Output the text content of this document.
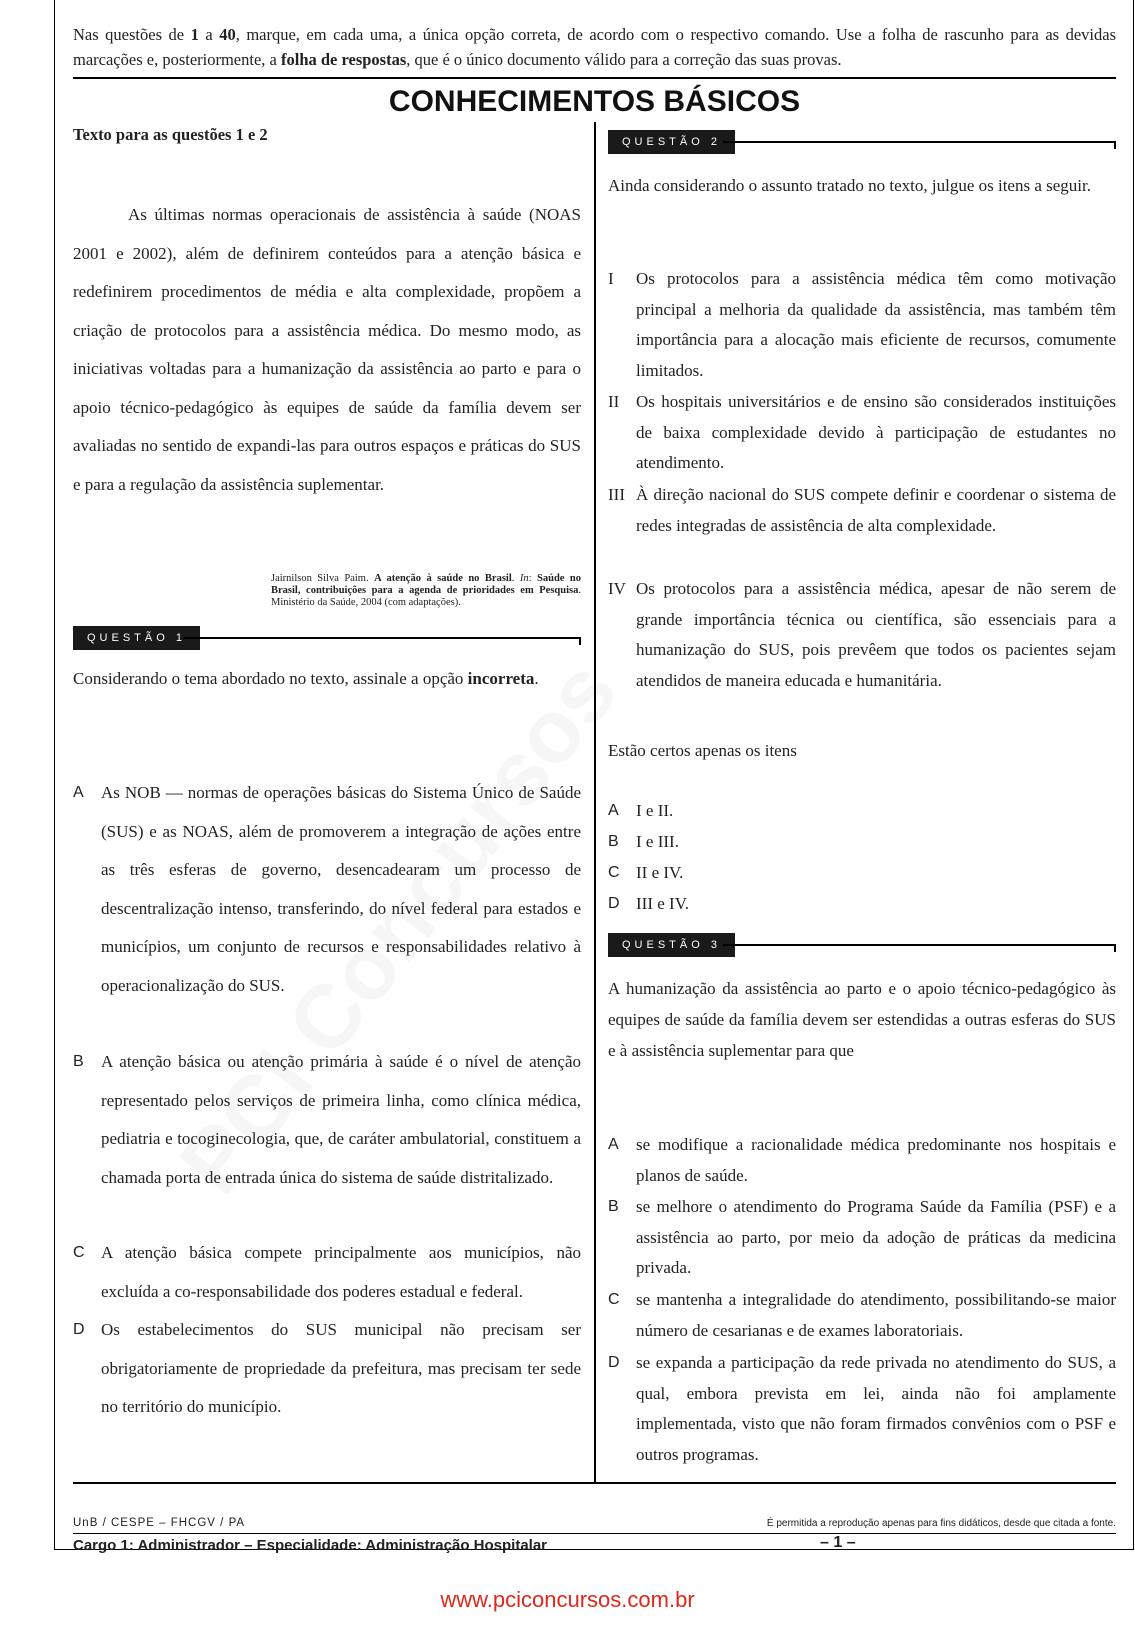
Nas questões de 1 a 40, marque, em cada uma, a única opção correta, de acordo com o respectivo comando. Use a folha de rascunho para as devidas marcações e, posteriormente, a folha de respostas, que é o único documento válido para a correção das suas provas.
CONHECIMENTOS BÁSICOS
Texto para as questões 1 e 2
As últimas normas operacionais de assistência à saúde (NOAS 2001 e 2002), além de definirem conteúdos para a atenção básica e redefinirem procedimentos de média e alta complexidade, propõem a criação de protocolos para a assistência médica. Do mesmo modo, as iniciativas voltadas para a humanização da assistência ao parto e para o apoio técnico-pedagógico às equipes de saúde da família devem ser avaliadas no sentido de expandi-las para outros espaços e práticas do SUS e para a regulação da assistência suplementar.
Jairnilson Silva Paim. A atenção à saúde no Brasil. In: Saúde no Brasil, contribuições para a agenda de prioridades em Pesquisa. Ministério da Saúde, 2004 (com adaptações).
QUESTÃO 1
Considerando o tema abordado no texto, assinale a opção incorreta.
A As NOB — normas de operações básicas do Sistema Único de Saúde (SUS) e as NOAS, além de promoverem a integração de ações entre as três esferas de governo, desencadearam um processo de descentralização intenso, transferindo, do nível federal para estados e municípios, um conjunto de recursos e responsabilidades relativo à operacionalização do SUS.
B A atenção básica ou atenção primária à saúde é o nível de atenção representado pelos serviços de primeira linha, como clínica médica, pediatria e tocoginecologia, que, de caráter ambulatorial, constituem a chamada porta de entrada única do sistema de saúde distritalizado.
C A atenção básica compete principalmente aos municípios, não excluída a co-responsabilidade dos poderes estadual e federal.
D Os estabelecimentos do SUS municipal não precisam ser obrigatoriamente de propriedade da prefeitura, mas precisam ter sede no território do município.
QUESTÃO 2
Ainda considerando o assunto tratado no texto, julgue os itens a seguir.
I Os protocolos para a assistência médica têm como motivação principal a melhoria da qualidade da assistência, mas também têm importância para a alocação mais eficiente de recursos, comumente limitados.
II Os hospitais universitários e de ensino são considerados instituições de baixa complexidade devido à participação de estudantes no atendimento.
III À direção nacional do SUS compete definir e coordenar o sistema de redes integradas de assistência de alta complexidade.
IV Os protocolos para a assistência médica, apesar de não serem de grande importância técnica ou científica, são essenciais para a humanização do SUS, pois prevêem que todos os pacientes sejam atendidos de maneira educada e humanitária.
Estão certos apenas os itens
A I e II.
B I e III.
C II e IV.
D III e IV.
QUESTÃO 3
A humanização da assistência ao parto e o apoio técnico-pedagógico às equipes de saúde da família devem ser estendidas a outras esferas do SUS e à assistência suplementar para que
A se modifique a racionalidade médica predominante nos hospitais e planos de saúde.
B se melhore o atendimento do Programa Saúde da Família (PSF) e a assistência ao parto, por meio da adoção de práticas da medicina privada.
C se mantenha a integralidade do atendimento, possibilitando-se maior número de cesarianas e de exames laboratoriais.
D se expanda a participação da rede privada no atendimento do SUS, a qual, embora prevista em lei, ainda não foi amplamente implementada, visto que não foram firmados convênios com o PSF e outros programas.
UnB / CESPE – FHCGV / PA	É permitida a reprodução apenas para fins didáticos, desde que citada a fonte.
Cargo 1: Administrador – Especialidade: Administração Hospitalar	– 1 –
www.pciconcursos.com.br
